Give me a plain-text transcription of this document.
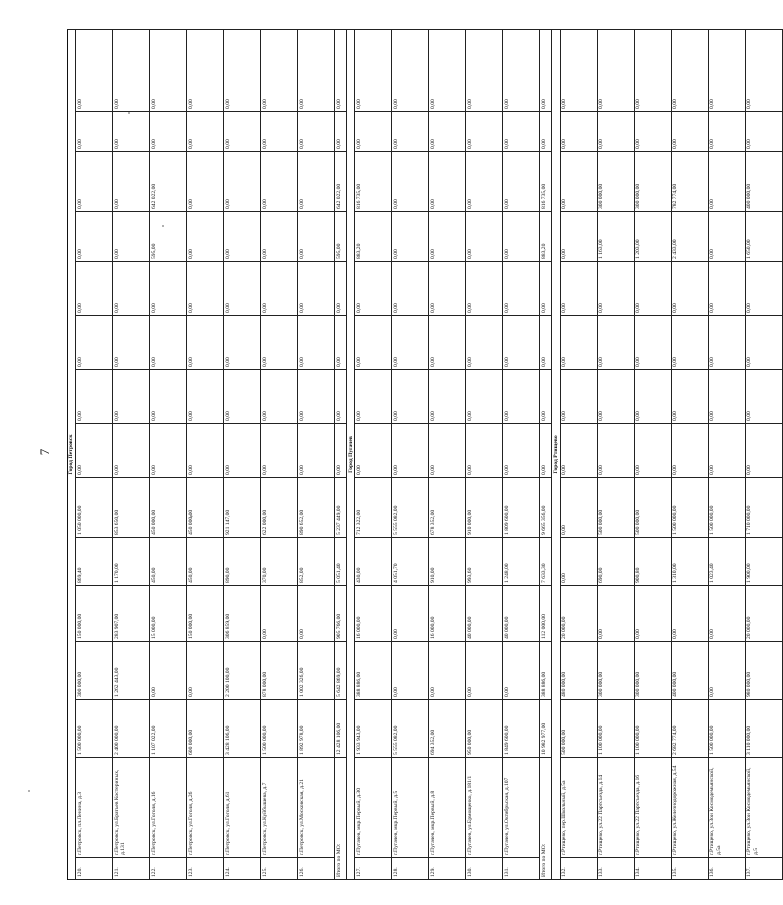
7	Город Петровск														
120.	г.Петровск, пл.Ленина, д.3	1 500 000,00	300 000,00	150 000,00	869,40	1 050 000,00	0,00	0,00	0,00	0,00	0,00	0,00	0,00	0,00
121.	г.Петровск, ул.Братьев Костериных, д.131	2 400 000,00	1 262 443,00	283 907,00	1 170,00	853 650,00	0,00	0,00	0,00	0,00	0,00	0,00	0,00	0,00
122.	г.Петровск, ул.Гоголя, д.16	1 107 022,00	0,00	15 000,00	450,00	450 000,00	0,00	0,00	0,00	0,00	595,00	642 022,00	0,00	0,00
123.	г.Петровск, ул.Гоголя, д.26	600 000,00	0,00	150 000,00	450,00	450 000,00	0,00	0,00	0,00	0,00	0,00	0,00	0,00	0,00
124.	г.Петровск, ул.Гоголя, д.61	3 428 106,00	2 200 100,00	306 859,00	890,00	921 147,00	0,00	0,00	0,00	0,00	0,00	0,00	0,00	0,00
125.	г.Петровск, ул.Куйбышева, д.7	1 500 000,00	878 000,00	0,00	370,00	622 000,00	0,00	0,00	0,00	0,00	0,00	0,00	0,00	0,00
126.	г.Петровск, ул.Московская, д.21	1 892 978,00	1 002 326,00	0,00	852,00	890 652,00	0,00	0,00	0,00	0,00	0,00	0,00	0,00	0,00
Итого по МО:		12 428 106,00	5 642 869,00	905 766,00	5 051,40	5 237 449,00	0,00	0,00	0,00	0,00	595,00	642 022,00	0,00	0,00
Город Пугачев														
127.	г.Пугачев, мкр.Первый, д.30	1 933 943,00	388 886,00	16 000,00	430,00	712 322,00	0,00	0,00	0,00	0,00	883,20	816 735,00	0,00	0,00
128.	г.Пугачев, мкр.Первый, д.5	5 555 082,00	0,00	0,00	4 051,70	5 555 082,00	0,00	0,00	0,00	0,00	0,00	0,00	0,00	0,00
129.	г.Пугачев, мкр.Первый, д.8	694 352,00	0,00	16 000,00	910,00	678 352,00	0,00	0,00	0,00	0,00	0,00	0,00	0,00	0,00
130.	г.Пугачев, ул.Ермощенко, д.181/1	950 000,00	0,00	40 000,00	993,60	910 000,00	0,00	0,00	0,00	0,00	0,00	0,00	0,00	0,00
131.	г.Пугачев, ул.Октябрьская, д.107	1 849 600,00	0,00	40 000,00	1 248,00	1 809 600,00	0,00	0,00	0,00	0,00	0,00	0,00	0,00	0,00
Итого по МО:		10 982 977,00	388 886,00	112 000,00	7 633,30	9 665 356,00	0,00	0,00	0,00	0,00	883,20	816 735,00	0,00	0,00
Город Ртищево														
132.	г.Ртищево, пер.Школьный, д.5а	500 000,00	480 000,00	20 000,00	0,00	0,00	0,00	0,00	0,00	0,00	0,00	0,00	0,00	0,00
133.	г.Ртищево, ул.22 Партсъезда, д.14	1 100 000,00	300 000,00	0,00	690,00	500 000,00	0,00	0,00	0,00	0,00	1 163,00	300 000,00	0,00	0,00
134.	г.Ртищево, ул.22 Партсъезда, д.16	1 100 000,00	300 000,00	0,00	900,80	500 000,00	0,00	0,00	0,00	0,00	1 203,00	300 000,00	0,00	0,00
135.	г.Ртищево, ул.Железнодорожная, д.54	2 682 774,00	400 000,00	0,00	1 310,00	1 500 000,00	0,00	0,00	0,00	0,00	2 433,00	782 774,00	0,00	0,00
136.	г.Ртищево, ул.Зои Космодемьянской, д.5а	1 500 000,00	0,00	0,00	1 023,40	1 500 000,00	0,00	0,00	0,00	0,00	0,00	0,00	0,00	0,00
137.	г.Ртищево, ул.Зои Космодемьянской, д.5	3 110 000,00	980 000,00	20 000,00	1 900,00	1 710 000,00	0,00	0,00	0,00	0,00	1 650,00	400 000,00	0,00	0,00
